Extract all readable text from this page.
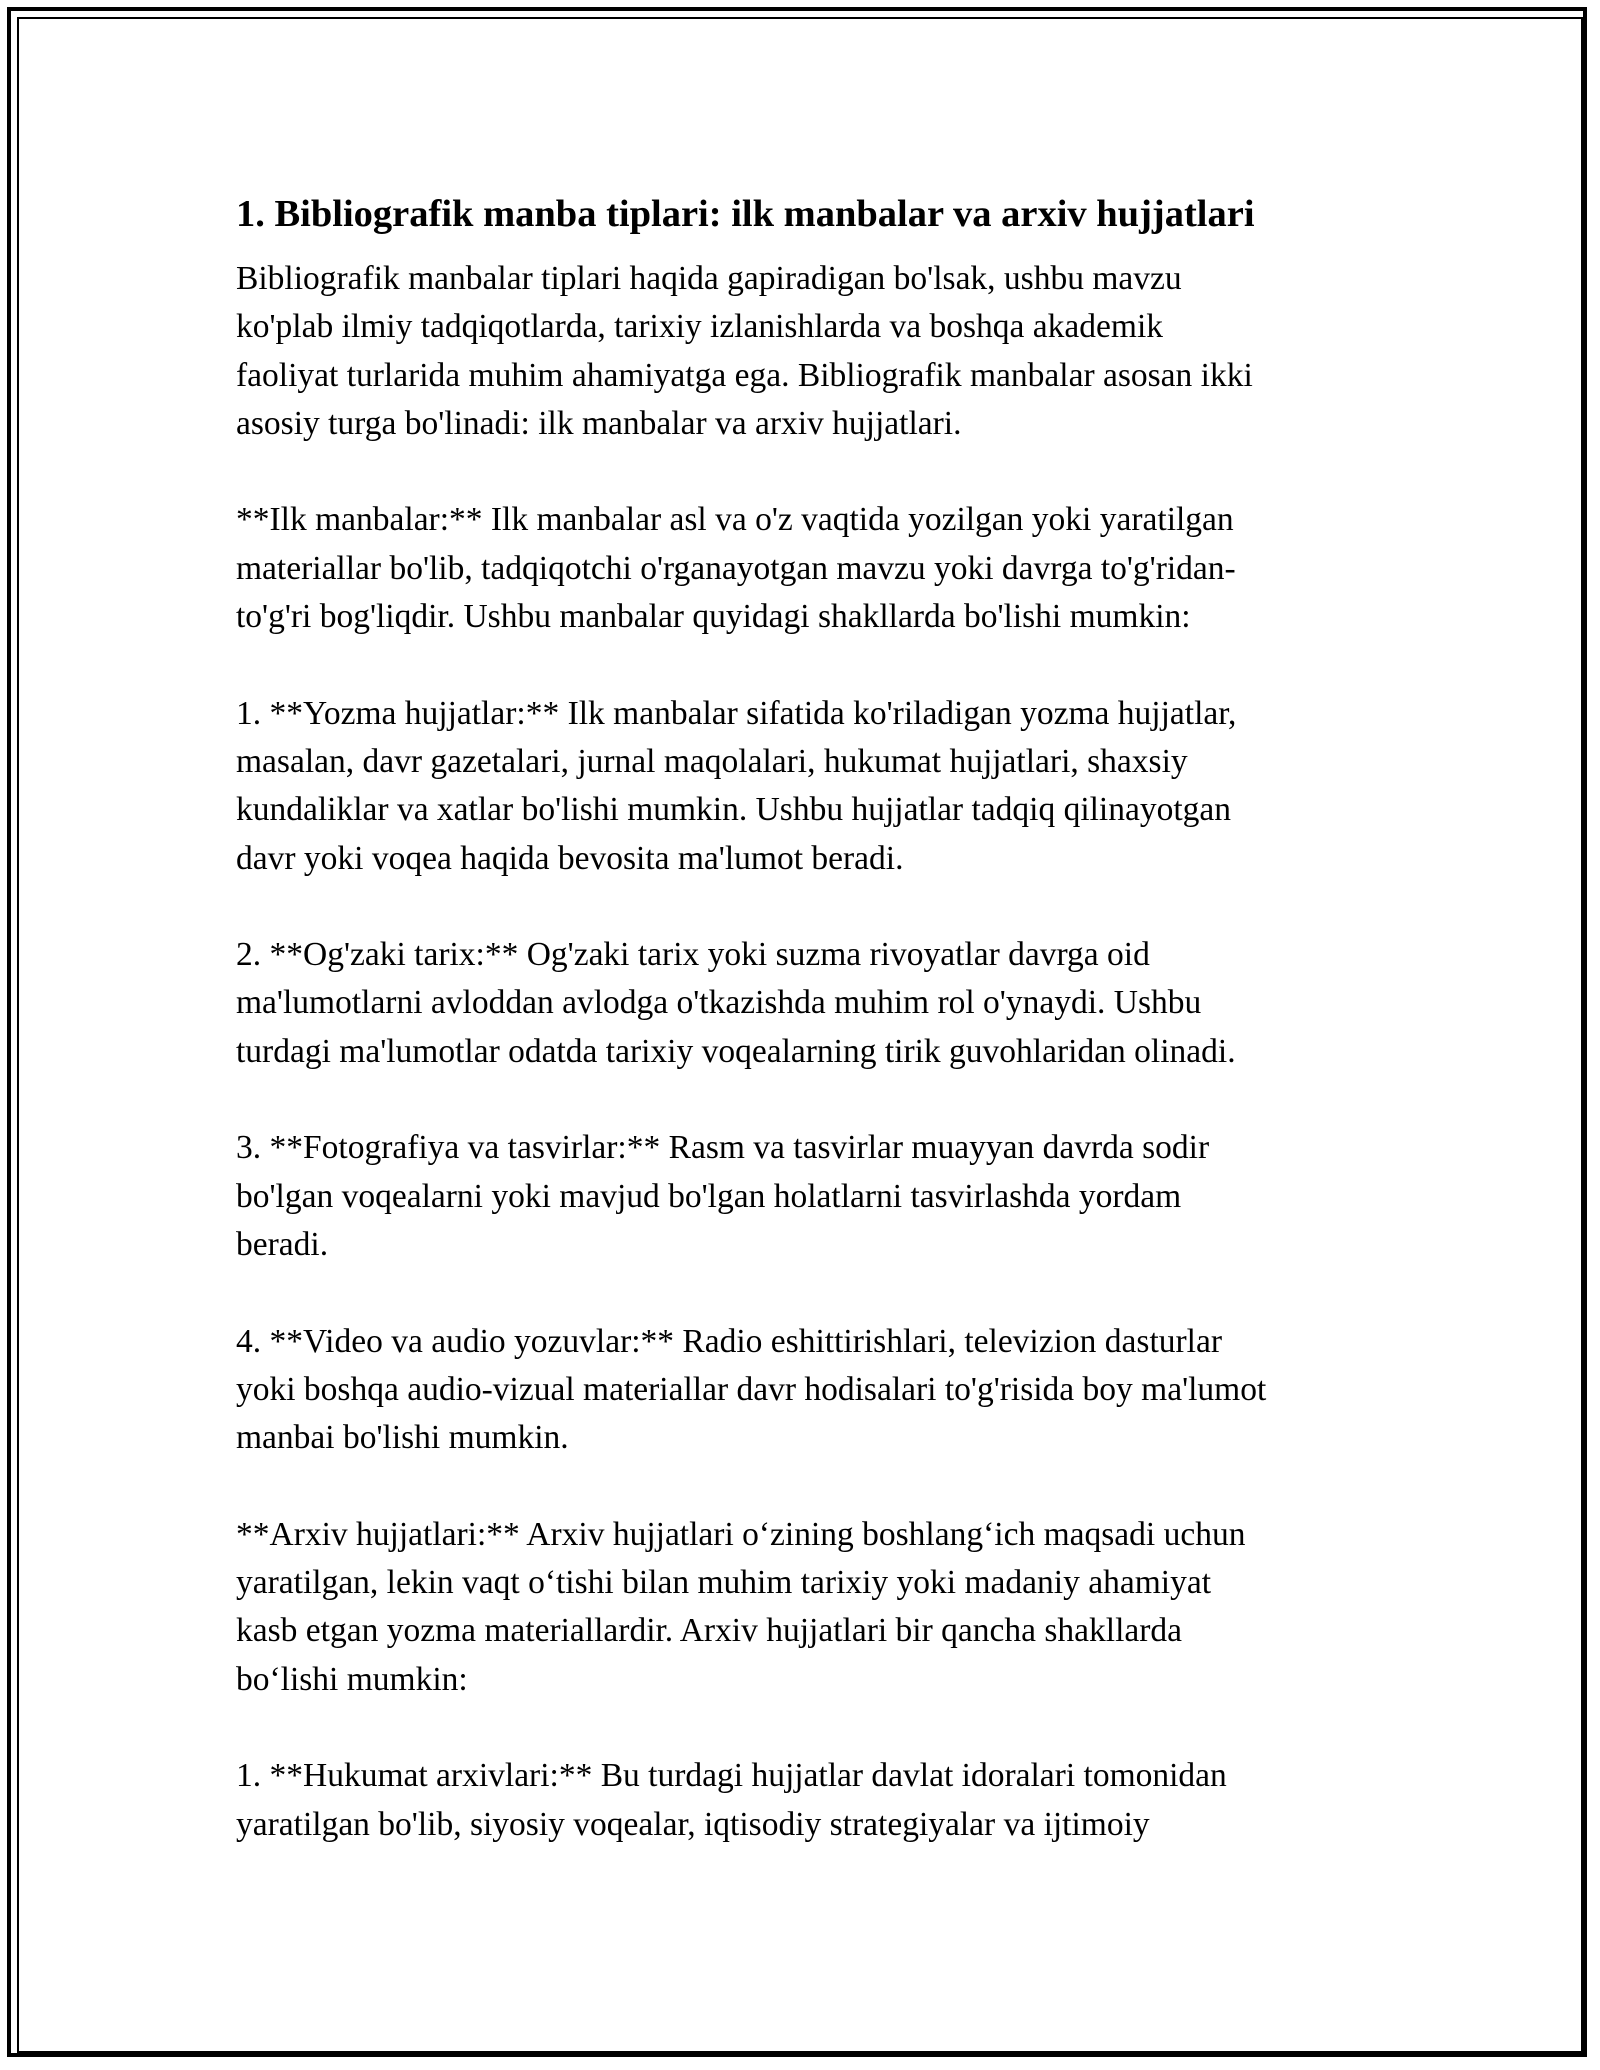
1. Bibliografik manba tiplari: ilk manbalar va arxiv hujjatlari
Bibliografik manbalar tiplari haqida gapiradigan bo'lsak, ushbu mavzu
ko'plab ilmiy tadqiqotlarda, tarixiy izlanishlarda va boshqa akademik
faoliyat turlarida muhim ahamiyatga ega. Bibliografik manbalar asosan ikki
asosiy turga bo'linadi: ilk manbalar va arxiv hujjatlari.
**Ilk manbalar:** Ilk manbalar asl va o'z vaqtida yozilgan yoki yaratilgan
materiallar bo'lib, tadqiqotchi o'rganayotgan mavzu yoki davrga to'g'ridan-
to'g'ri bog'liqdir. Ushbu manbalar quyidagi shakllarda bo'lishi mumkin:
1. **Yozma hujjatlar:** Ilk manbalar sifatida ko'riladigan yozma hujjatlar,
masalan, davr gazetalari, jurnal maqolalari, hukumat hujjatlari, shaxsiy
kundaliklar va xatlar bo'lishi mumkin. Ushbu hujjatlar tadqiq qilinayotgan
davr yoki voqea haqida bevosita ma'lumot beradi.
2. **Og'zaki tarix:** Og'zaki tarix yoki suzma rivoyatlar davrga oid
ma'lumotlarni avloddan avlodga o'tkazishda muhim rol o'ynaydi. Ushbu
turdagi ma'lumotlar odatda tarixiy voqealarning tirik guvohlaridan olinadi.
3. **Fotografiya va tasvirlar:** Rasm va tasvirlar muayyan davrda sodir
bo'lgan voqealarni yoki mavjud bo'lgan holatlarni tasvirlashda yordam
beradi.
4. **Video va audio yozuvlar:** Radio eshittirishlari, televizion dasturlar
yoki boshqa audio-vizual materiallar davr hodisalari to'g'risida boy ma'lumot
manbai bo'lishi mumkin.
**Arxiv hujjatlari:** Arxiv hujjatlari o‘zining boshlang‘ich maqsadi uchun
yaratilgan, lekin vaqt o‘tishi bilan muhim tarixiy yoki madaniy ahamiyat
kasb etgan yozma materiallardir. Arxiv hujjatlari bir qancha shakllarda
bo‘lishi mumkin:
1. **Hukumat arxivlari:** Bu turdagi hujjatlar davlat idoralari tomonidan
yaratilgan bo'lib, siyosiy voqealar, iqtisodiy strategiyalar va ijtimoiy
